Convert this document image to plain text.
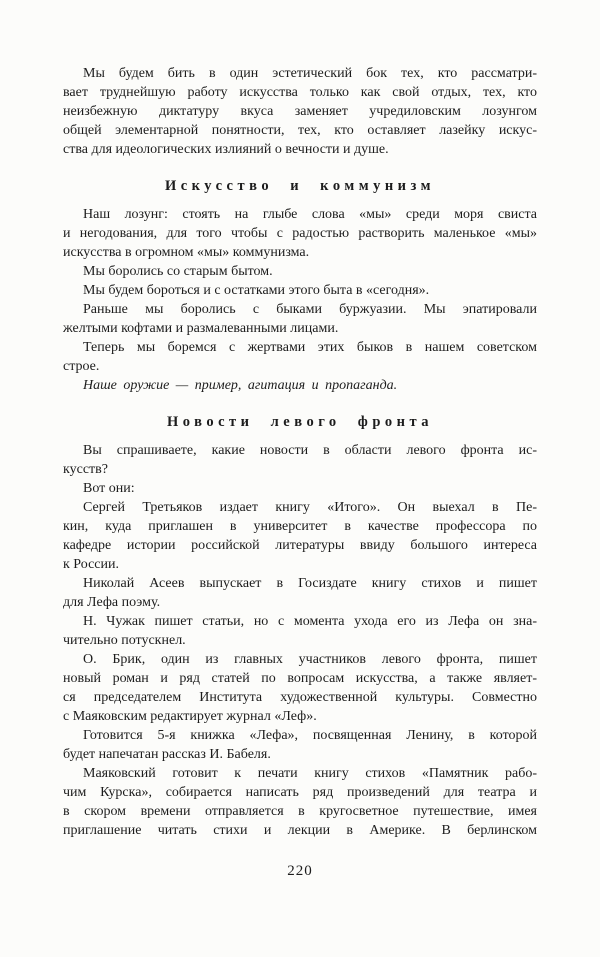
Мы будем бить в один эстетический бок тех, кто рассматри-
вает труднейшую работу искусства только как свой отдых, тех, кто
неизбежную диктатуру вкуса заменяет учредиловским лозунгом
общей элементарной понятности, тех, кто оставляет лазейку искус-
ства для идеологических излияний о вечности и душе.

Искусство и коммунизм

Наш лозунг: стоять на глыбе слова «мы» среди моря свиста
и негодования, для того чтобы с радостью растворить маленькое «мы»
искусства в огромном «мы» коммунизма.

Мы боролись со старым бытом.

Мы будем бороться и с остатками этого быта в «сегодня».

Раньше мы боролись с быками буржуазии. Мы эпатировали
желтыми кофтами и размалеванными лицами.

Теперь мы боремся с жертвами этих быков в нашем советском
строе.

Наше оружие — пример, агитация и пропаганда.

Новости левого фронта

Вы спрашиваете, какие новости в области левого фронта ис-
кусств?

Вот они:

Сергей Третьяков издает книгу «Итого». Он выехал в Пе-
кин, куда приглашен в университет в качестве профессора по
кафедре истории российской литературы ввиду большого интереса
к России.

Николай Асеев выпускает в Госиздате книгу стихов и пишет
для Лефа поэму.

Н. Чужак пишет статьи, но с момента ухода его из Лефа он зна-
чительно потускнел.

О. Брик, один из главных участников левого фронта, пишет
новый роман и ряд статей по вопросам искусства, а также являет-
ся председателем Института художественной культуры. Совместно
с Маяковским редактирует журнал «Леф».

Готовится 5-я книжка «Лефа», посвященная Ленину, в которой
будет напечатан рассказ И. Бабеля.

Маяковский готовит к печати книгу стихов «Памятник рабо-
чим Курска», собирается написать ряд произведений для театра и
в скором времени отправляется в кругосветное путешествие, имея
приглашение читать стихи и лекции в Америке. В берлинском

220
